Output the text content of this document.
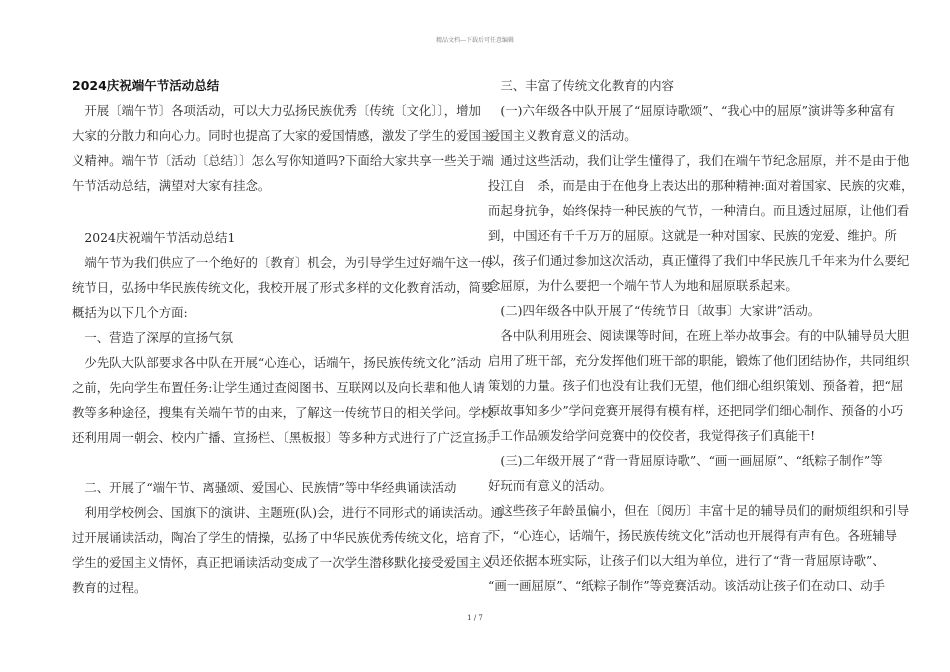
精品文档---下载后可任意编辑
2024庆祝端午节活动总结
　开展〔端午节〕各项活动，可以大力弘扬民族优秀〔传统〔文化〕〕，增加
大家的分散力和向心力。同时也提高了大家的爱国情感，激发了学生的爱国主
义精神。端午节〔活动〔总结〕〕怎么写你知道吗?下面给大家共享一些关于端
午节活动总结，满望对大家有挂念。
　2024庆祝端午节活动总结1
　端午节为我们供应了一个绝好的〔教育〕机会，为引导学生过好端午这一传
统节日，弘扬中华民族传统文化，我校开展了形式多样的文化教育活动，简要
概括为以下几个方面:
　一、营造了深厚的宣扬气氛
　少先队大队部要求各中队在开展“心连心，话端午，扬民族传统文化”活动
之前，先向学生布置任务:让学生通过查阅图书、互联网以及向长辈和他人请
教等多种途径，搜集有关端午节的由来，了解这一传统节日的相关学问。学校
还利用周一朝会、校内广播、宣扬栏、〔黑板报〕等多种方式进行了广泛宣扬。
　二、开展了“端午节、离骚颂、爱国心、民族情”等中华经典诵读活动
　利用学校例会、国旗下的演讲、主题班(队)会，进行不同形式的诵读活动。通
过开展诵读活动，陶冶了学生的情操，弘扬了中华民族优秀传统文化，培育了
学生的爱国主义情怀，真正把诵读活动变成了一次学生潜移默化接受爱国主义
教育的过程。
　三、丰富了传统文化教育的内容
　(一)六年级各中队开展了“屈原诗歌颂”、“我心中的屈原”演讲等多种富有
爱国主义教育意义的活动。
　通过这些活动，我们让学生懂得了，我们在端午节纪念屈原，并不是由于他
投江自　杀，而是由于在他身上表达出的那种精神:面对着国家、民族的灾难，
而起身抗争，始终保持一种民族的气节，一种清白。而且透过屈原，让他们看
到，中国还有千千万万的屈原。这就是一种对国家、民族的宠爱、维护。所
以，孩子们通过参加这次活动，真正懂得了我们中华民族几千年来为什么要纪
念屈原，为什么要把一个端午节人为地和屈原联系起来。
　(二)四年级各中队开展了“传统节日〔故事〕大家讲”活动。
　各中队利用班会、阅读课等时间，在班上举办故事会。有的中队辅导员大胆
启用了班干部，充分发挥他们班干部的职能，锻炼了他们团结协作，共同组织
策划的力量。孩子们也没有让我们无望，他们细心组织策划、预备着，把“屈
原故事知多少”学问竞赛开展得有模有样，还把同学们细心制作、预备的小巧
手工作品颁发给学问竞赛中的佼佼者，我觉得孩子们真能干!
　(三)二年级开展了“背一背屈原诗歌”、“画一画屈原”、“纸粽子制作”等
好玩而有意义的活动。
　这些孩子年龄虽偏小，但在〔阅历〕丰富十足的辅导员们的耐烦组织和引导
下，“心连心，话端午，扬民族传统文化”活动也开展得有声有色。各班辅导
员还依据本班实际，让孩子们以大组为单位，进行了“背一背屈原诗歌”、
“画一画屈原”、“纸粽子制作”等竞赛活动。该活动让孩子们在动口、动手
1 / 7
